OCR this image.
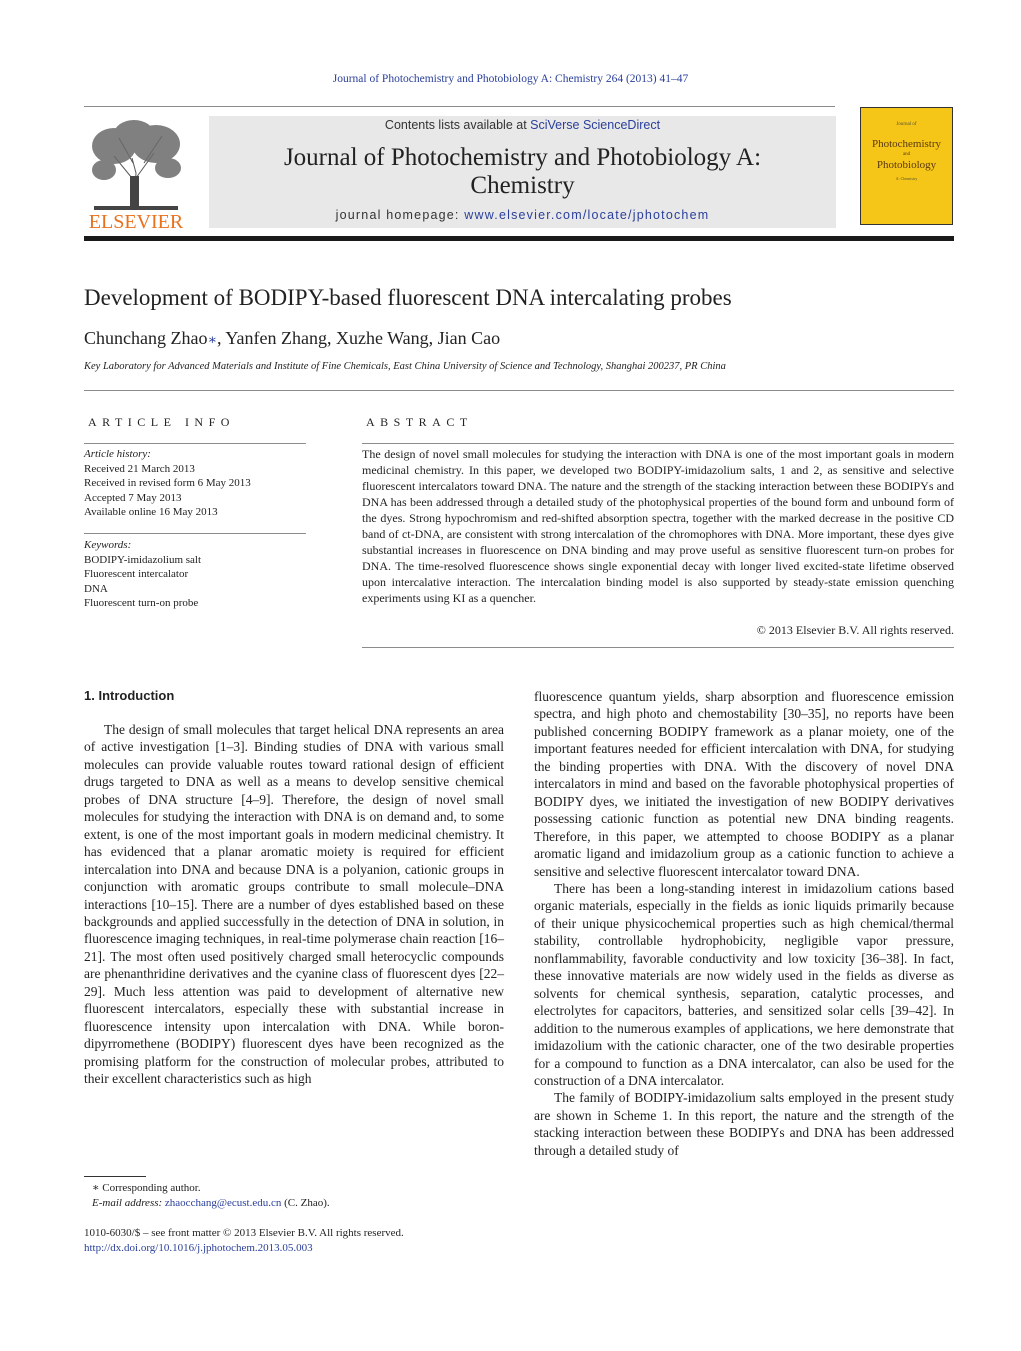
Journal of Photochemistry and Photobiology A: Chemistry 264 (2013) 41–47
ELSEVIER
Contents lists available at SciVerse ScienceDirect
Journal of Photochemistry and Photobiology A:
Chemistry
journal homepage: www.elsevier.com/locate/jphotochem
Journal of
Photochemistry
and
Photobiology
A: Chemistry
Development of BODIPY-based fluorescent DNA intercalating probes
Chunchang Zhao∗, Yanfen Zhang, Xuzhe Wang, Jian Cao
Key Laboratory for Advanced Materials and Institute of Fine Chemicals, East China University of Science and Technology, Shanghai 200237, PR China
ARTICLE INFO
Article history:
Received 21 March 2013
Received in revised form 6 May 2013
Accepted 7 May 2013
Available online 16 May 2013
Keywords:
BODIPY-imidazolium salt
Fluorescent intercalator
DNA
Fluorescent turn-on probe
ABSTRACT
The design of novel small molecules for studying the interaction with DNA is one of the most important goals in modern medicinal chemistry. In this paper, we developed two BODIPY-imidazolium salts, 1 and 2, as sensitive and selective fluorescent intercalators toward DNA. The nature and the strength of the stacking interaction between these BODIPYs and DNA has been addressed through a detailed study of the photophysical properties of the bound form and unbound form of the dyes. Strong hypochromism and red-shifted absorption spectra, together with the marked decrease in the positive CD band of ct-DNA, are consistent with strong intercalation of the chromophores with DNA. More important, these dyes give substantial increases in fluorescence on DNA binding and may prove useful as sensitive fluorescent turn-on probes for DNA. The time-resolved fluorescence shows single exponential decay with longer lived excited-state lifetime observed upon intercalative interaction. The intercalation binding model is also supported by steady-state emission quenching experiments using KI as a quencher.
© 2013 Elsevier B.V. All rights reserved.
1. Introduction

The design of small molecules that target helical DNA represents an area of active investigation [1–3]. Binding studies of DNA with various small molecules can provide valuable routes toward rational design of efficient drugs targeted to DNA as well as a means to develop sensitive chemical probes of DNA structure [4–9]. Therefore, the design of novel small molecules for studying the interaction with DNA is on demand and, to some extent, is one of the most important goals in modern medicinal chemistry. It has evidenced that a planar aromatic moiety is required for efficient intercalation into DNA and because DNA is a polyanion, cationic groups in conjunction with aromatic groups contribute to small molecule–DNA interactions [10–15]. There are a number of dyes established based on these backgrounds and applied successfully in the detection of DNA in solution, in fluorescence imaging techniques, in real-time polymerase chain reaction [16–21]. The most often used positively charged small heterocyclic compounds are phenanthridine derivatives and the cyanine class of fluorescent dyes [22–29]. Much less attention was paid to development of alternative new fluorescent intercalators, especially these with substantial increase in fluorescence intensity upon intercalation with DNA. While boron-dipyrromethene (BODIPY) fluorescent dyes have been recognized as the promising platform for the construction of molecular probes, attributed to their excellent characteristics such as high

fluorescence quantum yields, sharp absorption and fluorescence emission spectra, and high photo and chemostability [30–35], no reports have been published concerning BODIPY framework as a planar moiety, one of the important features needed for efficient intercalation with DNA, for studying the binding properties with DNA. With the discovery of novel DNA intercalators in mind and based on the favorable photophysical properties of BODIPY dyes, we initiated the investigation of new BODIPY derivatives possessing cationic function as potential new DNA binding reagents. Therefore, in this paper, we attempted to choose BODIPY as a planar aromatic ligand and imidazolium group as a cationic function to achieve a sensitive and selective fluorescent intercalator toward DNA.

There has been a long-standing interest in imidazolium cations based organic materials, especially in the fields as ionic liquids primarily because of their unique physicochemical properties such as high chemical/thermal stability, controllable hydrophobicity, negligible vapor pressure, nonflammability, favorable conductivity and low toxicity [36–38]. In fact, these innovative materials are now widely used in the fields as diverse as solvents for chemical synthesis, separation, catalytic processes, and electrolytes for capacitors, batteries, and sensitized solar cells [39–42]. In addition to the numerous examples of applications, we here demonstrate that imidazolium with the cationic character, one of the two desirable properties for a compound to function as a DNA intercalator, can also be used for the construction of a DNA intercalator.

The family of BODIPY-imidazolium salts employed in the present study are shown in Scheme 1. In this report, the nature and the strength of the stacking interaction between these BODIPYs and DNA has been addressed through a detailed study of

∗ Corresponding author.
E-mail address: zhaocchang@ecust.edu.cn (C. Zhao).
1010-6030/$ – see front matter © 2013 Elsevier B.V. All rights reserved.
http://dx.doi.org/10.1016/j.jphotochem.2013.05.003
